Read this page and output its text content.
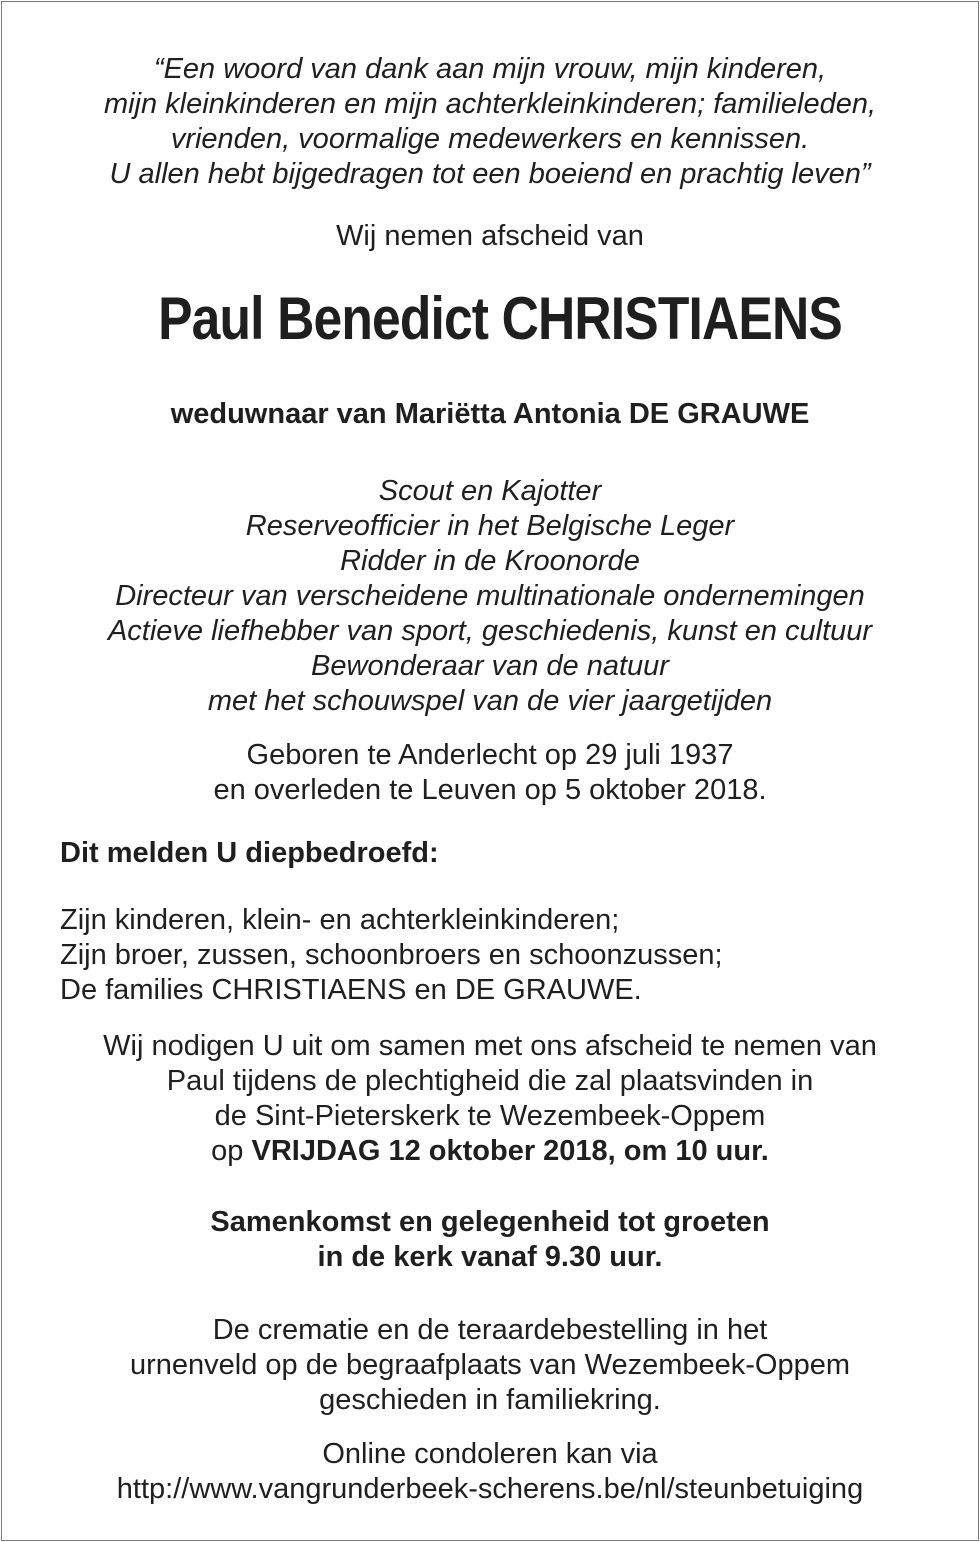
“Een woord van dank aan mijn vrouw, mijn kinderen,
mijn kleinkinderen en mijn achterkleinkinderen; familieleden,
vrienden, voormalige medewerkers en kennissen.
U allen hebt bijgedragen tot een boeiend en prachtig leven”
Wij nemen afscheid van
Paul Benedict CHRISTIAENS
weduwnaar van Mariëtta Antonia DE GRAUWE
Scout en Kajotter
Reserveofficier in het Belgische Leger
Ridder in de Kroonorde
Directeur van verscheidene multinationale ondernemingen
Actieve liefhebber van sport, geschiedenis, kunst en cultuur
Bewonderaar van de natuur
met het schouwspel van de vier jaargetijden
Geboren te Anderlecht op 29 juli 1937
en overleden te Leuven op 5 oktober 2018.
Dit melden U diepbedroefd:
Zijn kinderen, klein- en achterkleinkinderen;
Zijn broer, zussen, schoonbroers en schoonzussen;
De families CHRISTIAENS en DE GRAUWE.
Wij nodigen U uit om samen met ons afscheid te nemen van
Paul tijdens de plechtigheid die zal plaatsvinden in
de Sint-Pieterskerk te Wezembeek-Oppem
op VRIJDAG 12 oktober 2018, om 10 uur.
Samenkomst en gelegenheid tot groeten
in de kerk vanaf 9.30 uur.
De crematie en de teraardebestelling in het
urnenveld op de begraafplaats van Wezembeek-Oppem
geschieden in familiekring.
Online condoleren kan via
http://www.vangrunderbeek-scherens.be/nl/steunbetuiging
